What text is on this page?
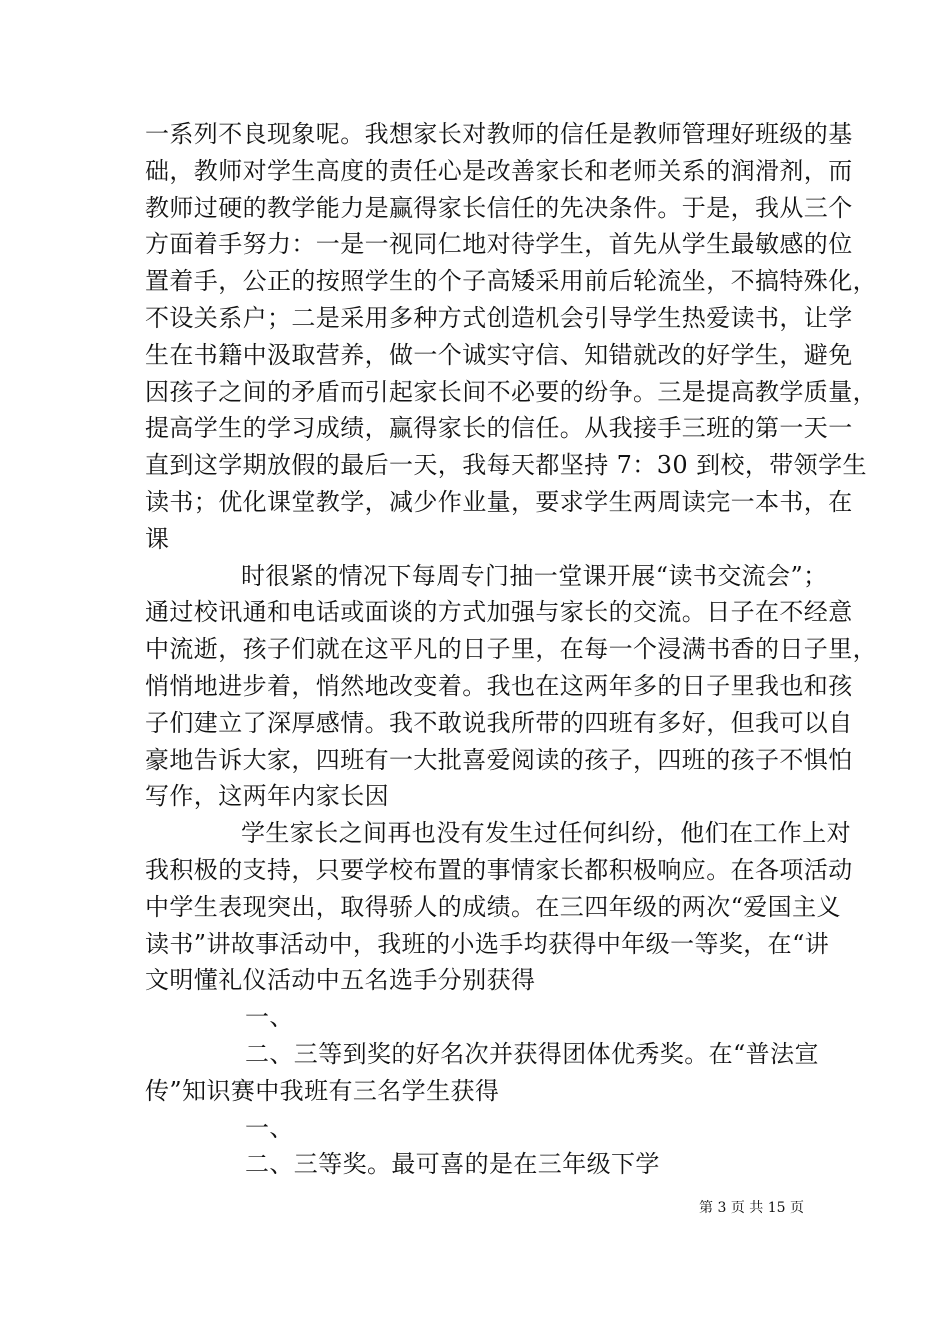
一系列不良现象呢。我想家长对教师的信任是教师管理好班级的基
础，教师对学生高度的责任心是改善家长和老师关系的润滑剂，而
教师过硬的教学能力是赢得家长信任的先决条件。于是，我从三个
方面着手努力：一是一视同仁地对待学生，首先从学生最敏感的位
置着手，公正的按照学生的个子高矮采用前后轮流坐，不搞特殊化，
不设关系户；二是采用多种方式创造机会引导学生热爱读书，让学
生在书籍中汲取营养，做一个诚实守信、知错就改的好学生，避免
因孩子之间的矛盾而引起家长间不必要的纷争。三是提高教学质量，
提高学生的学习成绩，赢得家长的信任。从我接手三班的第一天一
直到这学期放假的最后一天，我每天都坚持 7：30 到校，带领学生
读书；优化课堂教学，减少作业量，要求学生两周读完一本书，在
课
时很紧的情况下每周专门抽一堂课开展“读书交流会”；
通过校讯通和电话或面谈的方式加强与家长的交流。日子在不经意
中流逝，孩子们就在这平凡的日子里，在每一个浸满书香的日子里，
悄悄地进步着，悄然地改变着。我也在这两年多的日子里我也和孩
子们建立了深厚感情。我不敢说我所带的四班有多好，但我可以自
豪地告诉大家，四班有一大批喜爱阅读的孩子，四班的孩子不惧怕
写作，这两年内家长因
学生家长之间再也没有发生过任何纠纷，他们在工作上对
我积极的支持，只要学校布置的事情家长都积极响应。在各项活动
中学生表现突出，取得骄人的成绩。在三四年级的两次“爱国主义
读书”讲故事活动中，我班的小选手均获得中年级一等奖，在“讲
文明懂礼仪活动中五名选手分别获得
一、
二、三等到奖的好名次并获得团体优秀奖。在“普法宣
传”知识赛中我班有三名学生获得
一、
二、三等奖。最可喜的是在三年级下学
第 3 页 共 15 页
